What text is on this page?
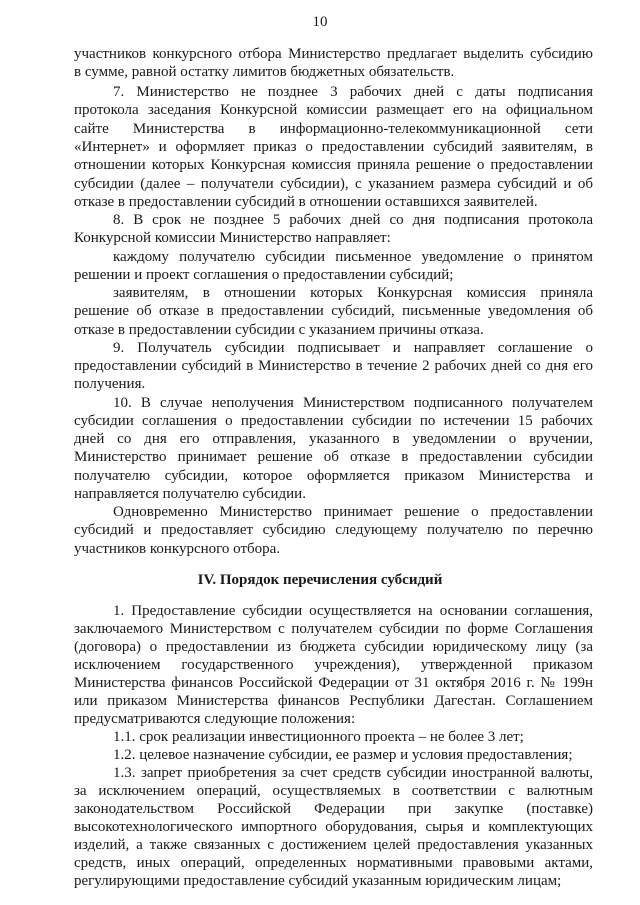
10
участников конкурсного отбора Министерство предлагает выделить субсидию
в сумме, равной остатку лимитов бюджетных обязательств.
7. Министерство не позднее 3 рабочих дней с даты подписания
протокола заседания Конкурсной комиссии размещает его на официальном
сайте Министерства в информационно-телекоммуникационной сети
«Интернет» и оформляет приказ о предоставлении субсидий заявителям, в
отношении которых Конкурсная комиссия приняла решение о предоставлении
субсидии (далее – получатели субсидии), с указанием размера субсидий и об
отказе в предоставлении субсидий в отношении оставшихся заявителей.
8. В срок не позднее 5 рабочих дней со дня подписания протокола
Конкурсной комиссии Министерство направляет:
каждому получателю субсидии письменное уведомление о принятом
решении и проект соглашения о предоставлении субсидий;
заявителям, в отношении которых Конкурсная комиссия приняла
решение об отказе в предоставлении субсидий, письменные уведомления об
отказе в предоставлении субсидии с указанием причины отказа.
9. Получатель субсидии подписывает и направляет соглашение о
предоставлении субсидий в Министерство в течение 2 рабочих дней со дня его
получения.
10. В случае неполучения Министерством подписанного получателем
субсидии соглашения о предоставлении субсидии по истечении 15 рабочих
дней со дня его отправления, указанного в уведомлении о вручении,
Министерство принимает решение об отказе в предоставлении субсидии
получателю субсидии, которое оформляется приказом Министерства и
направляется получателю субсидии.
Одновременно Министерство принимает решение о предоставлении
субсидий и предоставляет субсидию следующему получателю по перечню
участников конкурсного отбора.
IV. Порядок перечисления субсидий
1. Предоставление субсидии осуществляется на основании соглашения,
заключаемого Министерством с получателем субсидии по форме Соглашения
(договора) о предоставлении из бюджета субсидии юридическому лицу (за
исключением государственного учреждения), утвержденной приказом
Министерства финансов Российской Федерации от 31 октября 2016 г. № 199н
или приказом Министерства финансов Республики Дагестан. Соглашением
предусматриваются следующие положения:
1.1. срок реализации инвестиционного проекта – не более 3 лет;
1.2. целевое назначение субсидии, ее размер и условия предоставления;
1.3. запрет приобретения за счет средств субсидии иностранной валюты,
за исключением операций, осуществляемых в соответствии с валютным
законодательством Российской Федерации при закупке (поставке)
высокотехнологического импортного оборудования, сырья и комплектующих
изделий, а также связанных с достижением целей предоставления указанных
средств, иных операций, определенных нормативными правовыми актами,
регулирующими предоставление субсидий указанным юридическим лицам;
